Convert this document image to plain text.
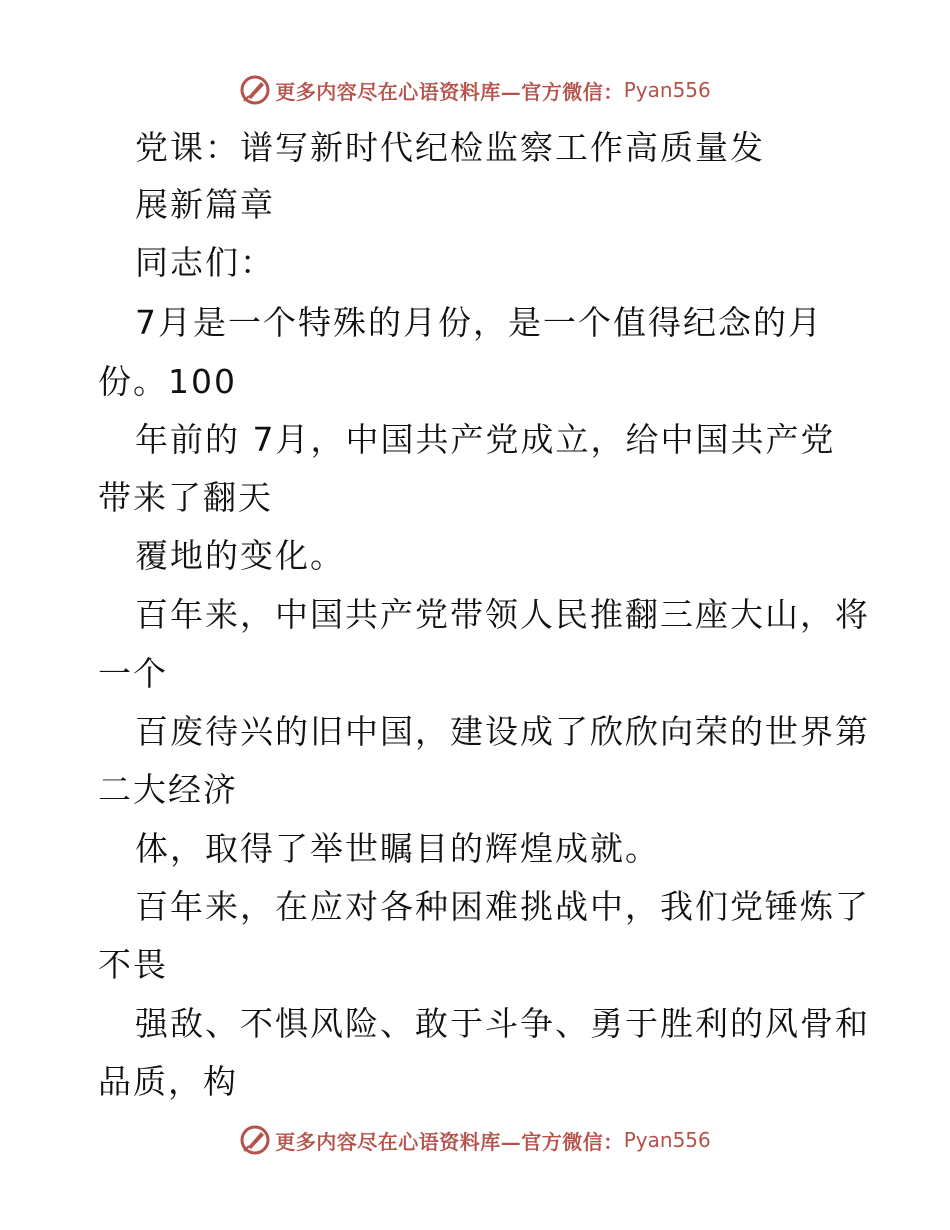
更多内容尽在心语资料库—官方微信： Pyan556
党课：谱写新时代纪检监察工作高质量发
展新篇章
同志们：
7月是一个特殊的月份，是一个值得纪念的月
份。100
年前的 7月，中国共产党成立，给中国共产党
带来了翻天
覆地的变化。
百年来，中国共产党带领人民推翻三座大山，将
一个
百废待兴的旧中国，建设成了欣欣向荣的世界第
二大经济
体，取得了举世瞩目的辉煌成就。
百年来，在应对各种困难挑战中，我们党锤炼了
不畏
强敌、不惧风险、敢于斗争、勇于胜利的风骨和
品质，构
更多内容尽在心语资料库—官方微信： Pyan556
